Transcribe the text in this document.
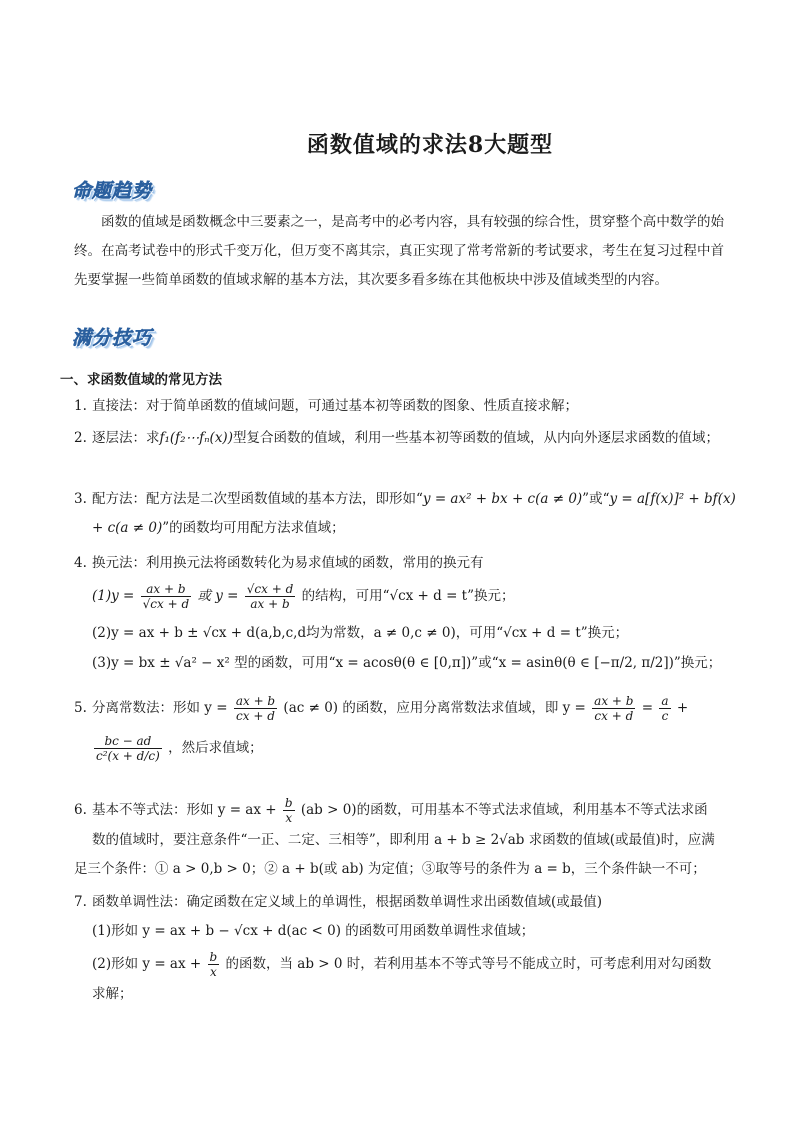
函数值域的求法8大题型
命题趋势
函数的值域是函数概念中三要素之一，是高考中的必考内容，具有较强的综合性，贯穿整个高中数学的始终。在高考试卷中的形式千变万化，但万变不离其宗，真正实现了常考常新的考试要求，考生在复习过程中首先要掌握一些简单函数的值域求解的基本方法，其次要多看多练在其他板块中涉及值域类型的内容。
满分技巧
一、求函数值域的常见方法
1. 直接法：对于简单函数的值域问题，可通过基本初等函数的图象、性质直接求解；
2. 逐层法：求f₁(f₂⋯fₙ(x))型复合函数的值域，利用一些基本初等函数的值域，从内向外逐层求函数的值域；
3. 配方法：配方法是二次型函数值域的基本方法，即形如“y = ax² + bx + c(a ≠ 0)”或“y = a[f(x)]² + bf(x) + c(a ≠ 0)”的函数均可用配方法求值域；
4. 换元法：利用换元法将函数转化为易求值域的函数，常用的换元有
$(1)y = \frac{ax + b}{√cx + d}$ 或 $y = \frac{√cx + d}{ax + b}$ 的结构，可用“√cx + d = t”换元；
(2)y = ax + b ± √cx + d(a,b,c,d均为常数，a ≠ 0,c ≠ 0)，可用“√cx + d = t”换元；
(3)y = bx ± √a² − x² 型的函数，可用“x = acosθ(θ ∈ [0,π])”或“x = asinθ(θ ∈ [−π/2, π/2])”换元；
5. 分离常数法：形如 $y = \frac{ax + b}{cx + d} (ac \ne 0)$ 的函数，应用分离常数法求值域，即 $y = \frac{ax + b}{cx + d} = \frac{a}{c}$ +
$\frac{bc - ad}{\text{c²(x + d/c)}}$ ，然后求值域；
6. 基本不等式法：形如 y = ax + $\frac{b}{x} (ab > 0)$的函数，可用基本不等式法求值域，利用基本不等式法求函
数的值域时，要注意条件“一正、二定、三相等”，即利用 a + b ≥ 2√ab 求函数的值域(或最值)时，应满
足三个条件：① a > 0,b > 0；② a + b(或 ab) 为定值；③取等号的条件为 a = b，三个条件缺一不可；
7. 函数单调性法：确定函数在定义域上的单调性，根据函数单调性求出函数值域(或最值)
(1)形如 y = ax + b − √cx + d(ac < 0) 的函数可用函数单调性求值域；
(2)形如 y = ax + $\frac{b}{x}$ 的函数，当 ab > 0 时，若利用基本不等式等号不能成立时，可考虑利用对勾函数
求解；
